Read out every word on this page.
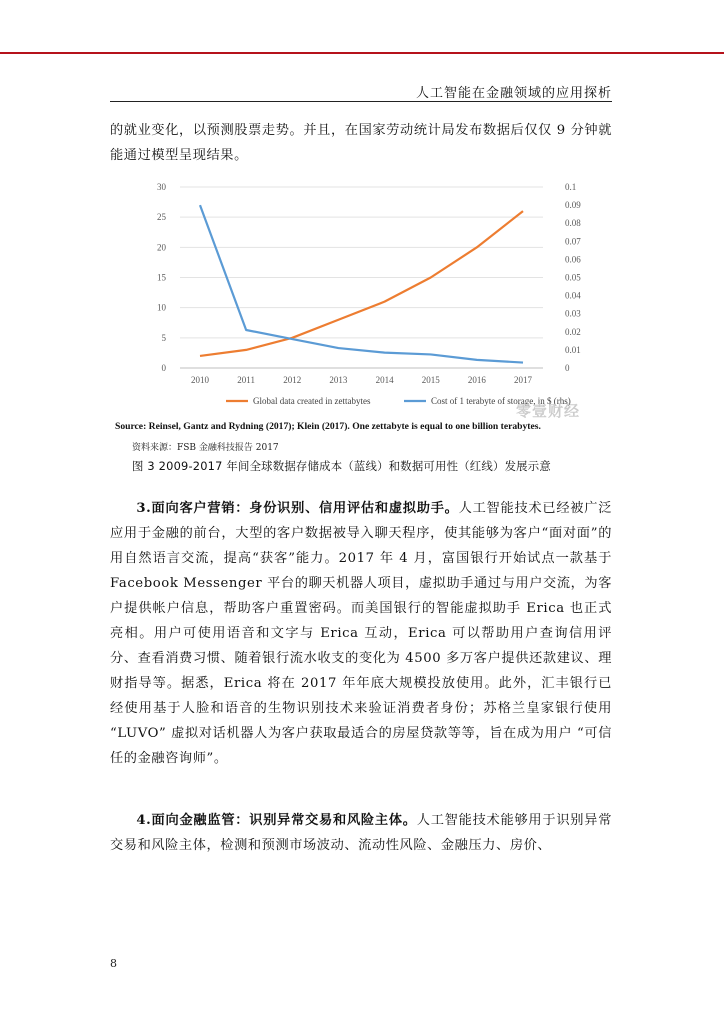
人工智能在金融领域的应用探析

的就业变化，以预测股票走势。并且，在国家劳动统计局发布数据后仅仅 9 分钟就能通过模型呈现结果。

0
5
10
15
20
25
30
0
0.01
0.02
0.03
0.04
0.05
0.06
0.07
0.08
0.09
0.1
2010	2011	2012	2013	2014	2015	2016	2017
Global data created in zettabytes	Cost of 1 terabyte of storage, in $ (rhs)
零壹财经
Source: Reinsel, Gantz and Rydning (2017); Klein (2017). One zettabyte is equal to one billion terabytes.
资料来源：FSB 金融科技报告 2017
图 3 2009-2017 年间全球数据存储成本（蓝线）和数据可用性（红线）发展示意

3.面向客户营销：身份识别、信用评估和虚拟助手。人工智能技术已经被广泛应用于金融的前台，大型的客户数据被导入聊天程序，使其能够为客户“面对面”的用自然语言交流，提高“获客”能力。2017 年 4 月，富国银行开始试点一款基于 Facebook Messenger 平台的聊天机器人项目，虚拟助手通过与用户交流，为客户提供帐户信息，帮助客户重置密码。而美国银行的智能虚拟助手 Erica 也正式亮相。用户可使用语音和文字与 Erica 互动，Erica 可以帮助用户查询信用评分、查看消费习惯、随着银行流水收支的变化为 4500 多万客户提供还款建议、理财指导等。据悉，Erica 将在 2017 年年底大规模投放使用。此外，汇丰银行已经使用基于人脸和语音的生物识别技术来验证消费者身份；苏格兰皇家银行使用 “LUVO” 虚拟对话机器人为客户获取最适合的房屋贷款等等，旨在成为用户 “可信任的金融咨询师”。

4.面向金融监管：识别异常交易和风险主体。人工智能技术能够用于识别异常交易和风险主体，检测和预测市场波动、流动性风险、金融压力、房价、

8
